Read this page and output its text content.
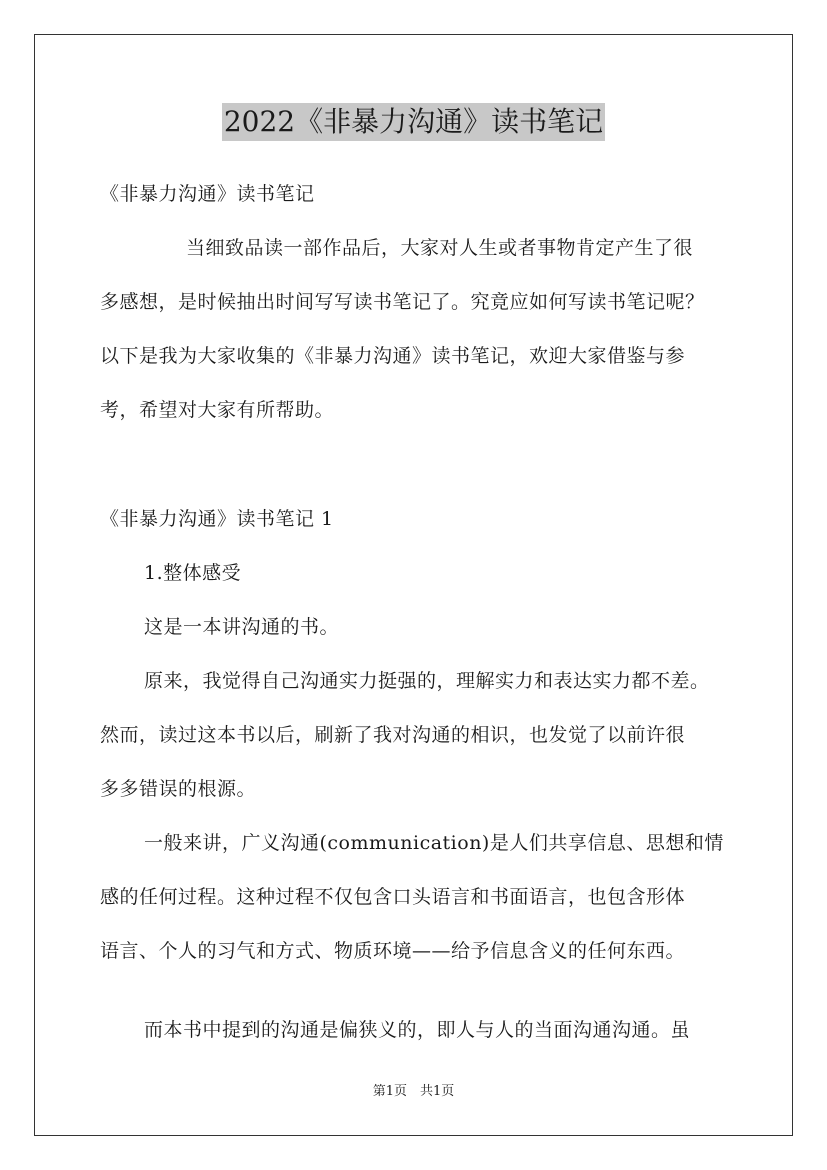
2022《非暴力沟通》读书笔记
《非暴力沟通》读书笔记
当细致品读一部作品后，大家对人生或者事物肯定产生了很
多感想，是时候抽出时间写写读书笔记了。究竟应如何写读书笔记呢？
以下是我为大家收集的《非暴力沟通》读书笔记，欢迎大家借鉴与参
考，希望对大家有所帮助。
《非暴力沟通》读书笔记 1
1.整体感受
这是一本讲沟通的书。
原来，我觉得自己沟通实力挺强的，理解实力和表达实力都不差。
然而，读过这本书以后，刷新了我对沟通的相识，也发觉了以前许很
多多错误的根源。
一般来讲，广义沟通(communication)是人们共享信息、思想和情
感的任何过程。这种过程不仅包含口头语言和书面语言，也包含形体
语言、个人的习气和方式、物质环境——给予信息含义的任何东西。
而本书中提到的沟通是偏狭义的，即人与人的当面沟通沟通。虽
第1页　共1页
